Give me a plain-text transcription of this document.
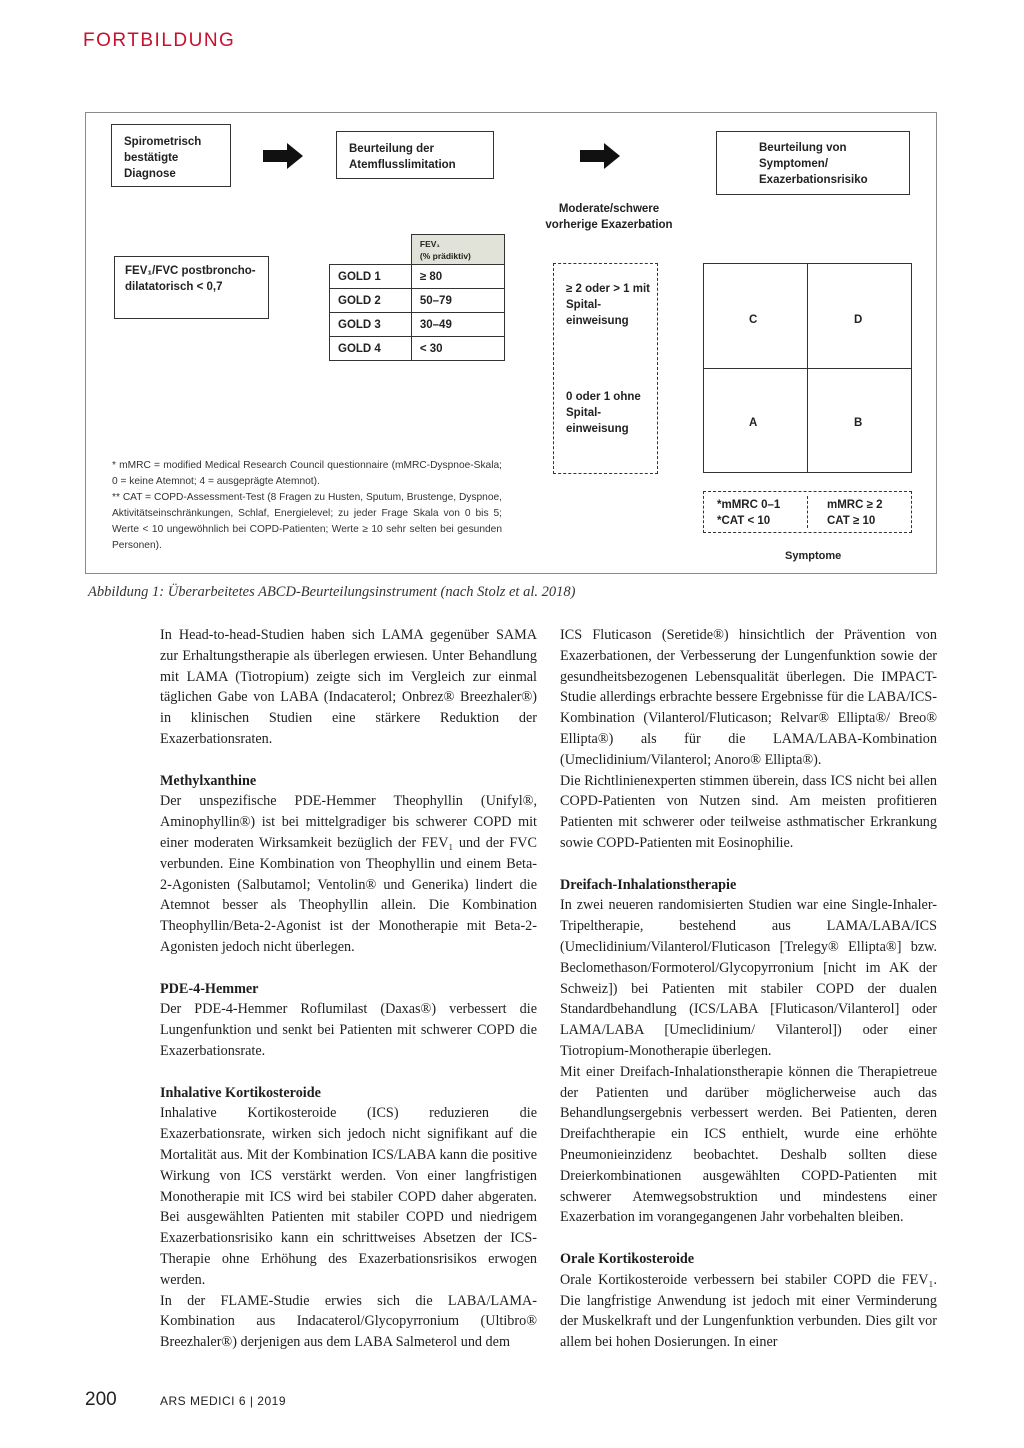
FORTBILDUNG
Spirometrisch bestätigte Diagnose
Beurteilung der Atemflusslimitation
Beurteilung von Symptomen/ Exazerbationsrisiko
Moderate/schwere vorherige Exazerbation
FEV₁/FVC postbroncho-dilatatorisch < 0,7

	FEV₁
(% prädiktiv)

GOLD 1	≥ 80
GOLD 2	50–79
GOLD 3	30–49
GOLD 4	< 30
≥ 2 oder > 1 mit Spital-einweisung
0 oder 1 ohne Spital-einweisung
C	D
A	B
*mMRC 0–1
*CAT < 10
mMRC ≥ 2
CAT ≥ 10
Symptome
* mMRC = modified Medical Research Council questionnaire (mMRC-Dyspnoe-Skala; 0 = keine Atemnot; 4 = ausgeprägte Atemnot).
** CAT = COPD-Assessment-Test (8 Fragen zu Husten, Sputum, Brustenge, Dyspnoe, Aktivitätseinschränkungen, Schlaf, Energielevel; zu jeder Frage Skala von 0 bis 5; Werte < 10 ungewöhnlich bei COPD-Patienten; Werte ≥ 10 sehr selten bei gesunden Personen).
Abbildung 1: Überarbeitetes ABCD-Beurteilungsinstrument (nach Stolz et al. 2018)

In Head-to-head-Studien haben sich LAMA gegenüber SAMA zur Erhaltungstherapie als überlegen erwiesen. Unter Behandlung mit LAMA (Tiotropium) zeigte sich im Vergleich zur einmal täglichen Gabe von LABA (Indacaterol; Onbrez® Breezhaler®) in klinischen Studien eine stärkere Reduktion der Exazerbationsraten.

Methylxanthine

Der unspezifische PDE-Hemmer Theophyllin (Unifyl®, Aminophyllin®) ist bei mittelgradiger bis schwerer COPD mit einer moderaten Wirksamkeit bezüglich der FEV₁ und der FVC verbunden. Eine Kombination von Theophyllin und einem Beta-2-Agonisten (Salbutamol; Ventolin® und Generika) lindert die Atemnot besser als Theophyllin allein. Die Kombination Theophyllin/Beta-2-Agonist ist der Monotherapie mit Beta-2-Agonisten jedoch nicht überlegen.

PDE-4-Hemmer

Der PDE-4-Hemmer Roflumilast (Daxas®) verbessert die Lungenfunktion und senkt bei Patienten mit schwerer COPD die Exazerbationsrate.

Inhalative Kortikosteroide

Inhalative Kortikosteroide (ICS) reduzieren die Exazerbationsrate, wirken sich jedoch nicht signifikant auf die Mortalität aus. Mit der Kombination ICS/LABA kann die positive Wirkung von ICS verstärkt werden. Von einer langfristigen Monotherapie mit ICS wird bei stabiler COPD daher abgeraten. Bei ausgewählten Patienten mit stabiler COPD und niedrigem Exazerbationsrisiko kann ein schrittweises Absetzen der ICS-Therapie ohne Erhöhung des Exazerbationsrisikos erwogen werden.

In der FLAME-Studie erwies sich die LABA/LAMA-Kombination aus Indacaterol/Glycopyrronium (Ultibro® Breezhaler®) derjenigen aus dem LABA Salmeterol und dem

ICS Fluticason (Seretide®) hinsichtlich der Prävention von Exazerbationen, der Verbesserung der Lungenfunktion sowie der gesundheitsbezogenen Lebensqualität überlegen. Die IMPACT-Studie allerdings erbrachte bessere Ergebnisse für die LABA/ICS-Kombination (Vilanterol/Fluticason; Relvar® Ellipta®/ Breo® Ellipta®) als für die LAMA/LABA-Kombination (Umeclidinium/Vilanterol; Anoro® Ellipta®).

Die Richtlinienexperten stimmen überein, dass ICS nicht bei allen COPD-Patienten von Nutzen sind. Am meisten profitieren Patienten mit schwerer oder teilweise asthmatischer Erkrankung sowie COPD-Patienten mit Eosinophilie.

Dreifach-Inhalationstherapie

In zwei neueren randomisierten Studien war eine Single-Inhaler-Tripeltherapie, bestehend aus LAMA/LABA/ICS (Umeclidinium/Vilanterol/Fluticason [Trelegy® Ellipta®] bzw. Beclomethason/Formoterol/Glycopyrronium [nicht im AK der Schweiz]) bei Patienten mit stabiler COPD der dualen Standardbehandlung (ICS/LABA [Fluticason/Vilanterol] oder LAMA/LABA [Umeclidinium/ Vilanterol]) oder einer Tiotropium-Monotherapie überlegen.

Mit einer Dreifach-Inhalationstherapie können die Therapietreue der Patienten und darüber möglicherweise auch das Behandlungsergebnis verbessert werden. Bei Patienten, deren Dreifachtherapie ein ICS enthielt, wurde eine erhöhte Pneumonieinzidenz beobachtet. Deshalb sollten diese Dreierkombinationen ausgewählten COPD-Patienten mit schwerer Atemwegsobstruktion und mindestens einer Exazerbation im vorangegangenen Jahr vorbehalten bleiben.

Orale Kortikosteroide

Orale Kortikosteroide verbessern bei stabiler COPD die FEV₁. Die langfristige Anwendung ist jedoch mit einer Verminderung der Muskelkraft und der Lungenfunktion verbunden. Dies gilt vor allem bei hohen Dosierungen. In einer

200	ARS MEDICI 6 | 2019
